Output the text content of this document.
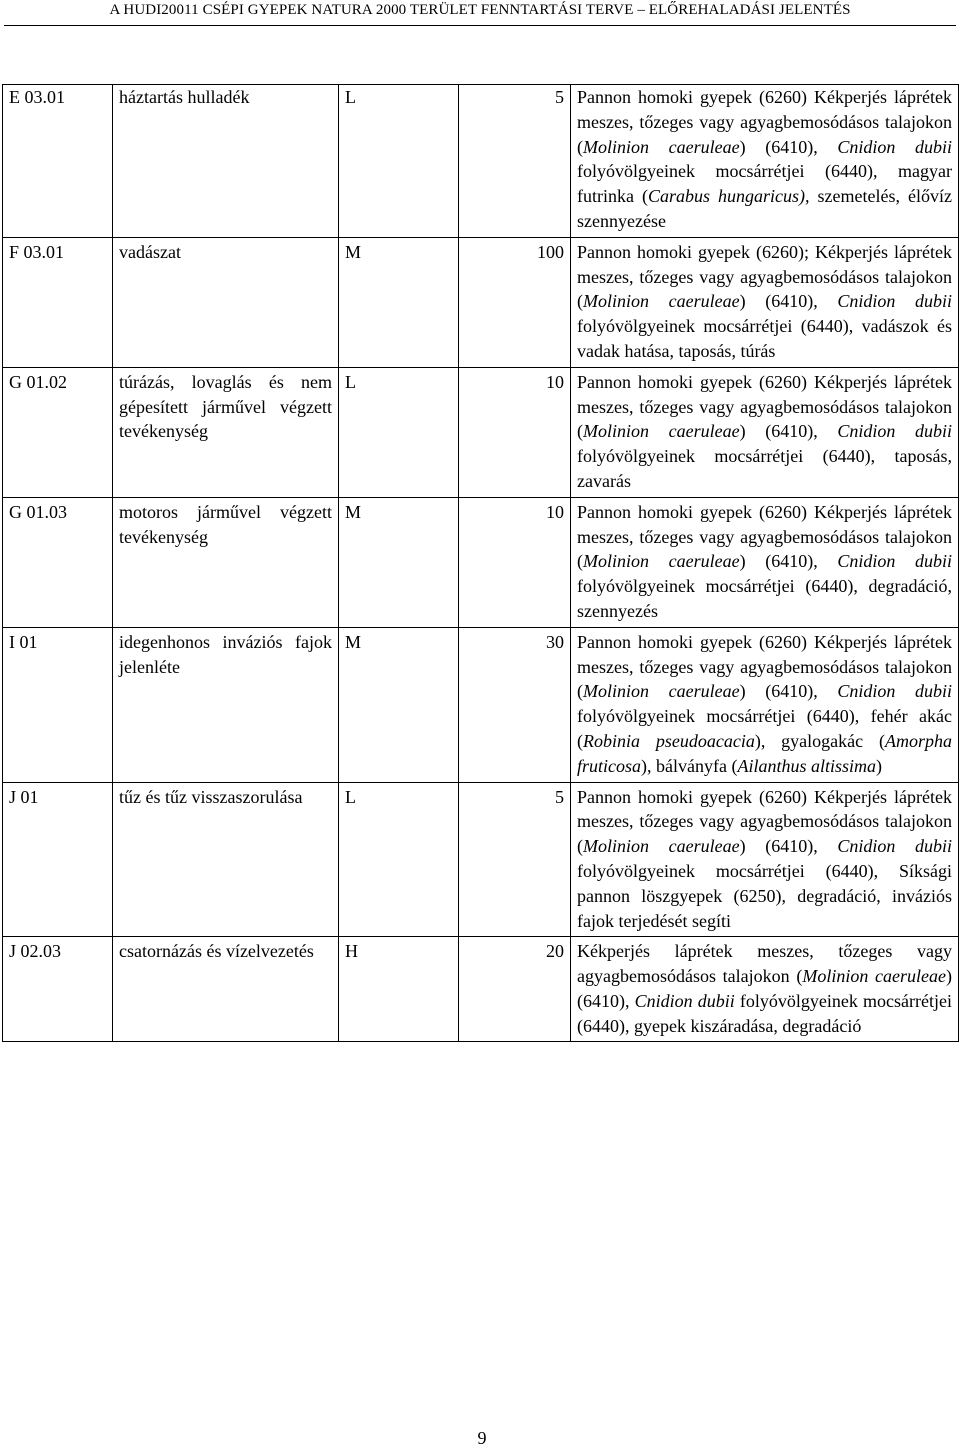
A HUDI20011 CSÉPI GYEPEK NATURA 2000 TERÜLET FENNTARTÁSI TERVE – ELŐREHALADÁSI JELENTÉS
E 03.01	háztartás hulladék	L	5	Pannon homoki gyepek (6260) Kékperjés láprétek meszes, tőzeges vagy agyagbemosódásos talajokon (Molinion caeruleae) (6410), Cnidion dubii folyóvölgyeinek mocsárrétjei (6440), magyar futrinka (Carabus hungaricus), szemetelés, élővíz szennyezése
F 03.01	vadászat	M	100	Pannon homoki gyepek (6260); Kékperjés láprétek meszes, tőzeges vagy agyagbemosódásos talajokon (Molinion caeruleae) (6410), Cnidion dubii folyóvölgyeinek mocsárrétjei (6440), vadászok és vadak hatása, taposás, túrás
G 01.02	túrázás, lovaglás és nem gépesített járművel végzett tevékenység	L	10	Pannon homoki gyepek (6260) Kékperjés láprétek meszes, tőzeges vagy agyagbemosódásos talajokon (Molinion caeruleae) (6410), Cnidion dubii folyóvölgyeinek mocsárrétjei (6440), taposás, zavarás
G 01.03	motoros járművel végzett tevékenység	M	10	Pannon homoki gyepek (6260) Kékperjés láprétek meszes, tőzeges vagy agyagbemosódásos talajokon (Molinion caeruleae) (6410), Cnidion dubii folyóvölgyeinek mocsárrétjei (6440), degradáció, szennyezés
I 01	idegenhonos inváziós fajok jelenléte	M	30	Pannon homoki gyepek (6260) Kékperjés láprétek meszes, tőzeges vagy agyagbemosódásos talajokon (Molinion caeruleae) (6410), Cnidion dubii folyóvölgyeinek mocsárrétjei (6440), fehér akác (Robinia pseudoacacia), gyalogakác (Amorpha fruticosa), bálványfa (Ailanthus altissima)
J 01	tűz és tűz visszaszorulása	L	5	Pannon homoki gyepek (6260) Kékperjés láprétek meszes, tőzeges vagy agyagbemosódásos talajokon (Molinion caeruleae) (6410), Cnidion dubii folyóvölgyeinek mocsárrétjei (6440), Síksági pannon löszgyepek (6250), degradáció, inváziós fajok terjedését segíti
J 02.03	csatornázás és vízelvezetés	H	20	Kékperjés láprétek meszes, tőzeges vagy agyagbemosódásos talajokon (Molinion caeruleae) (6410), Cnidion dubii folyóvölgyeinek mocsárrétjei (6440), gyepek kiszáradása, degradáció
9
